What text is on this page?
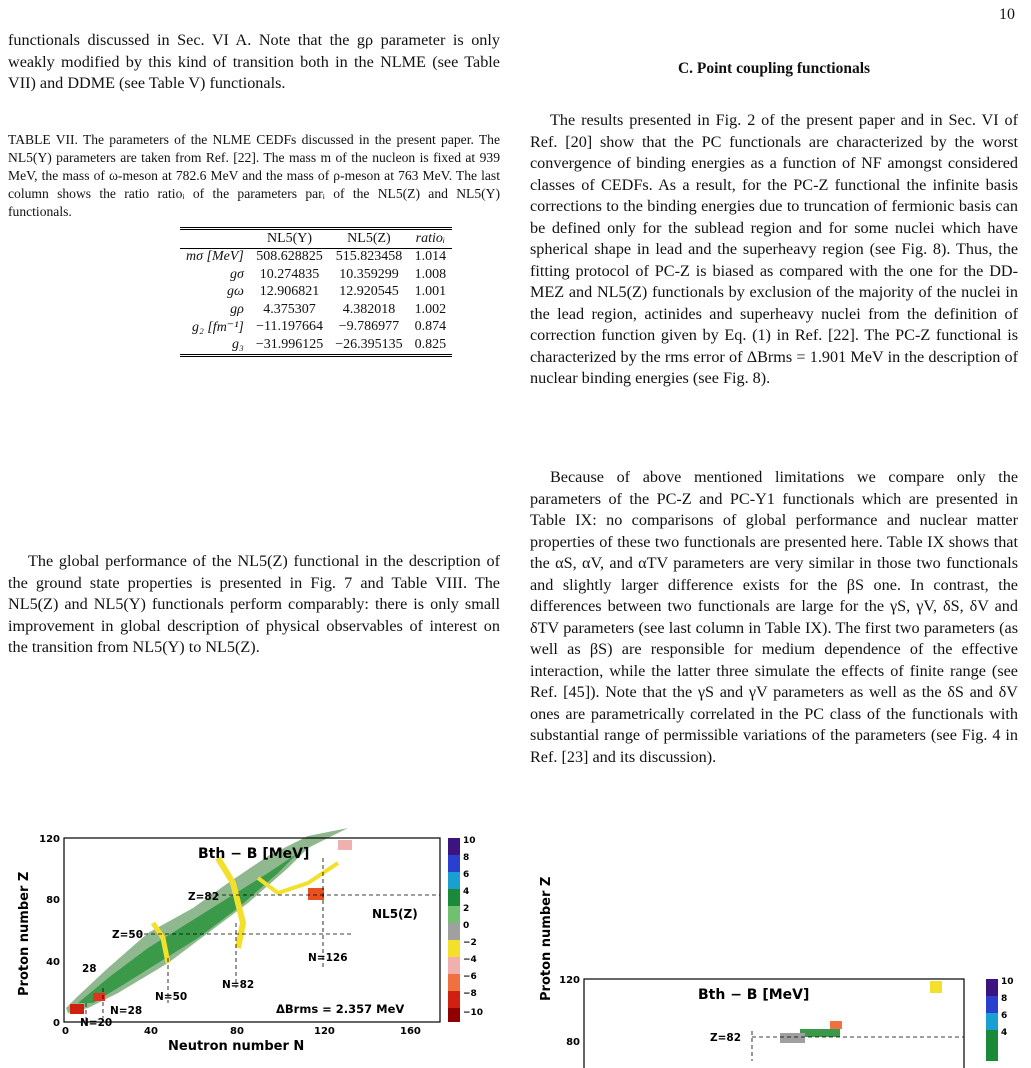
10

functionals discussed in Sec. VI A. Note that the gρ parameter is only weakly modified by this kind of transition both in the NLME (see Table VII) and DDME (see Table V) functionals.

TABLE VII. The parameters of the NLME CEDFs discussed in the present paper. The NL5(Y) parameters are taken from Ref. [22]. The mass m of the nucleon is fixed at 939 MeV, the mass of ω-meson at 782.6 MeV and the mass of ρ-meson at 763 MeV. The last column shows the ratio ratioᵢ of the parameters parᵢ of the NL5(Z) and NL5(Y) functionals.

	NL5(Y)	NL5(Z)	ratioᵢ
mσ [MeV]	508.628825	515.823458	1.014
gσ	10.274835	10.359299	1.008
gω	12.906821	12.920545	1.001
gρ	4.375307	4.382018	1.002
g₂ [fm⁻¹]	−11.197664	−9.786977	0.874
g₃	−31.996125	−26.395135	0.825

The global performance of the NL5(Z) functional in the description of the ground state properties is presented in Fig. 7 and Table VIII. The NL5(Z) and NL5(Y) functionals perform comparably: there is only small improvement in global description of physical observables of interest on the transition from NL5(Y) to NL5(Z).

Z=82
Z=50
28
N=28
N=20
N=50
N=82
N=126
Bth − B [MeV]
NL5(Z)
ΔBrms = 2.357 MeV
0	40	80	120	160
0
40
80
120
Neutron number N
Proton number Z
10
8
6
4
2
0
−2
−4
−6
−8
−10
C. Point coupling functionals

The results presented in Fig. 2 of the present paper and in Sec. VI of Ref. [20] show that the PC functionals are characterized by the worst convergence of binding energies as a function of NF amongst considered classes of CEDFs. As a result, for the PC-Z functional the infinite basis corrections to the binding energies due to truncation of fermionic basis can be defined only for the sublead region and for some nuclei which have spherical shape in lead and the superheavy region (see Fig. 8). Thus, the fitting protocol of PC-Z is biased as compared with the one for the DD-MEZ and NL5(Z) functionals by exclusion of the majority of the nuclei in the lead region, actinides and superheavy nuclei from the definition of correction function given by Eq. (1) in Ref. [22]. The PC-Z functional is characterized by the rms error of ΔBrms = 1.901 MeV in the description of nuclear binding energies (see Fig. 8).

Because of above mentioned limitations we compare only the parameters of the PC-Z and PC-Y1 functionals which are presented in Table IX: no comparisons of global performance and nuclear matter properties of these two functionals are presented here. Table IX shows that the αS, αV, and αTV parameters are very similar in those two functionals and slightly larger difference exists for the βS one. In contrast, the differences between two functionals are large for the γS, γV, δS, δV and δTV parameters (see last column in Table IX). The first two parameters (as well as βS) are responsible for medium dependence of the effective interaction, while the latter three simulate the effects of finite range (see Ref. [45]). Note that the γS and γV parameters as well as the δS and δV ones are parametrically correlated in the PC class of the functionals with substantial range of permissible variations of the parameters (see Fig. 4 in Ref. [23] and its discussion).

Bth − B [MeV]
Z=82
120
80
Proton number Z	10
8
6
4
